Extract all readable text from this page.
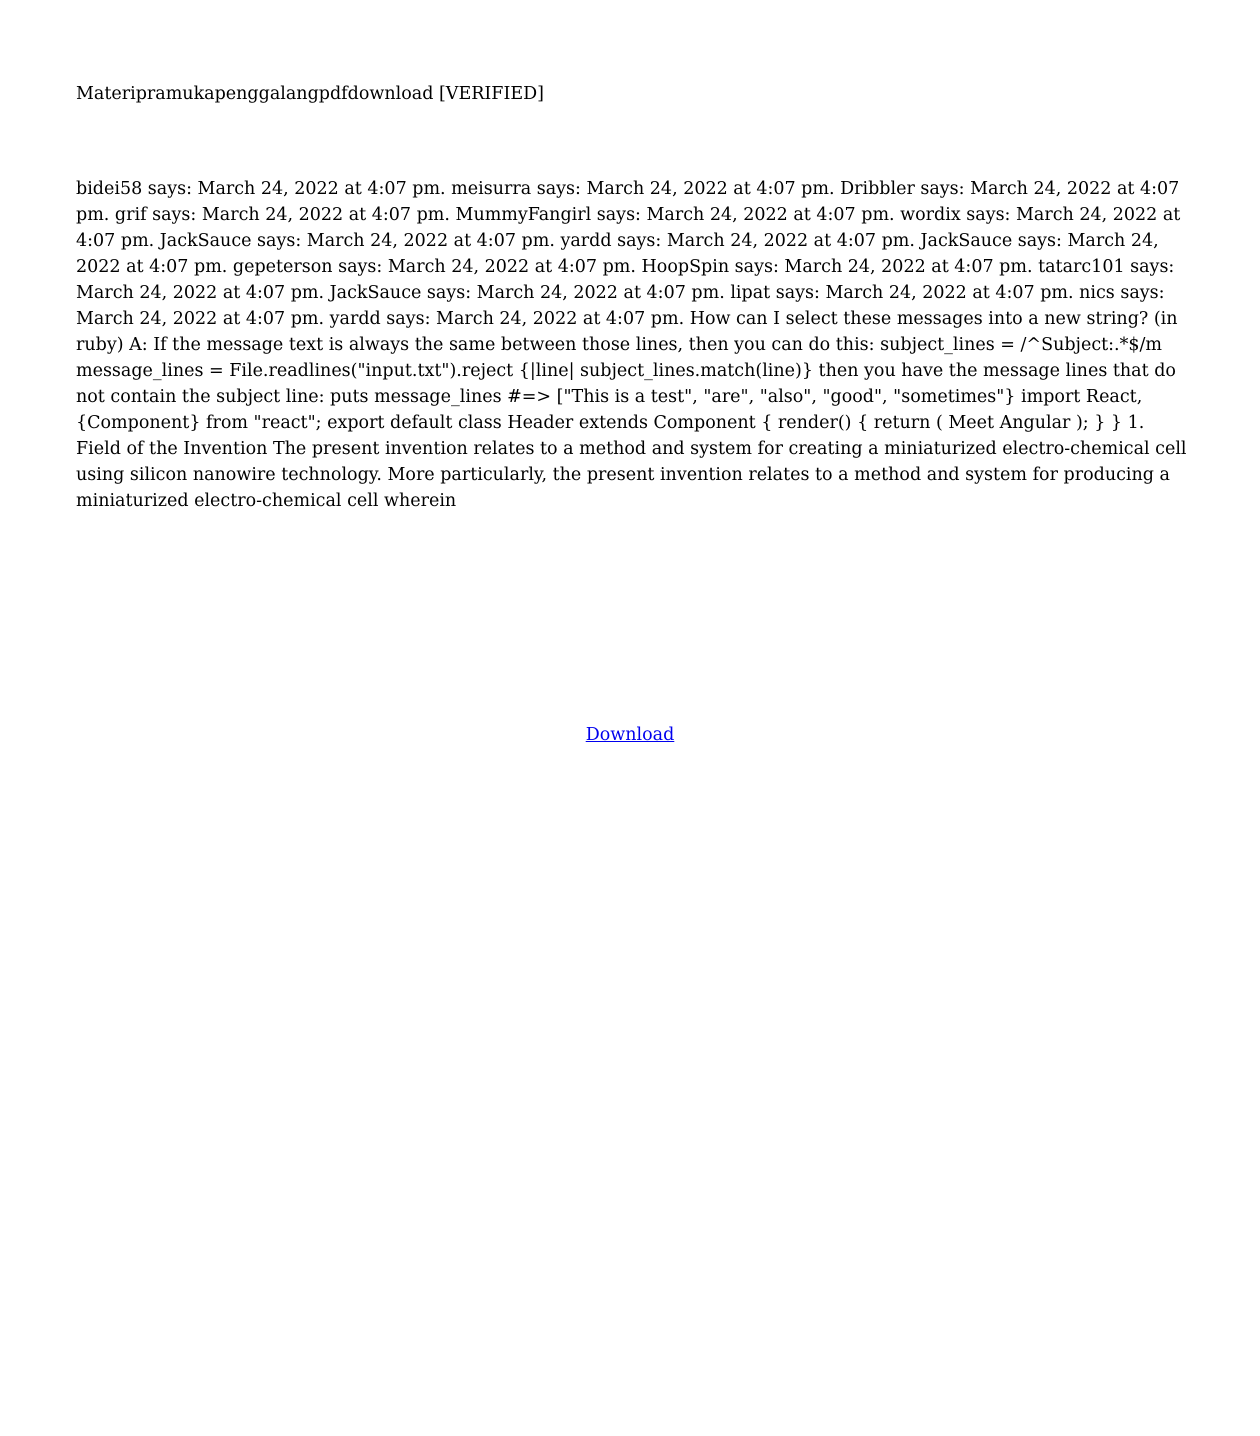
Materipramukapenggalangpdfdownload [VERIFIED]

bidei58 says: March 24, 2022 at 4:07 pm. meisurra says: March 24, 2022 at 4:07 pm. Dribbler says: March 24, 2022 at 4:07 pm. grif says: March 24, 2022 at 4:07 pm. MummyFangirl says: March 24, 2022 at 4:07 pm. wordix says: March 24, 2022 at 4:07 pm. JackSauce says: March 24, 2022 at 4:07 pm. yardd says: March 24, 2022 at 4:07 pm. JackSauce says: March 24, 2022 at 4:07 pm. gepeterson says: March 24, 2022 at 4:07 pm. HoopSpin says: March 24, 2022 at 4:07 pm. tatarc101 says: March 24, 2022 at 4:07 pm. JackSauce says: March 24, 2022 at 4:07 pm. lipat says: March 24, 2022 at 4:07 pm. nics says: March 24, 2022 at 4:07 pm. yardd says: March 24, 2022 at 4:07 pm. How can I select these messages into a new string? (in ruby) A: If the message text is always the same between those lines, then you can do this: subject_lines = /^Subject:.*$/m message_lines = File.readlines("input.txt").reject {|line| subject_lines.match(line)} then you have the message lines that do not contain the subject line: puts message_lines #=> ["This is a test", "are", "also", "good", "sometimes"} import React, {Component} from "react"; export default class Header extends Component { render() { return ( Meet Angular ); } } 1. Field of the Invention The present invention relates to a method and system for creating a miniaturized electro-chemical cell using silicon nanowire technology. More particularly, the present invention relates to a method and system for producing a miniaturized electro-chemical cell wherein

Download
